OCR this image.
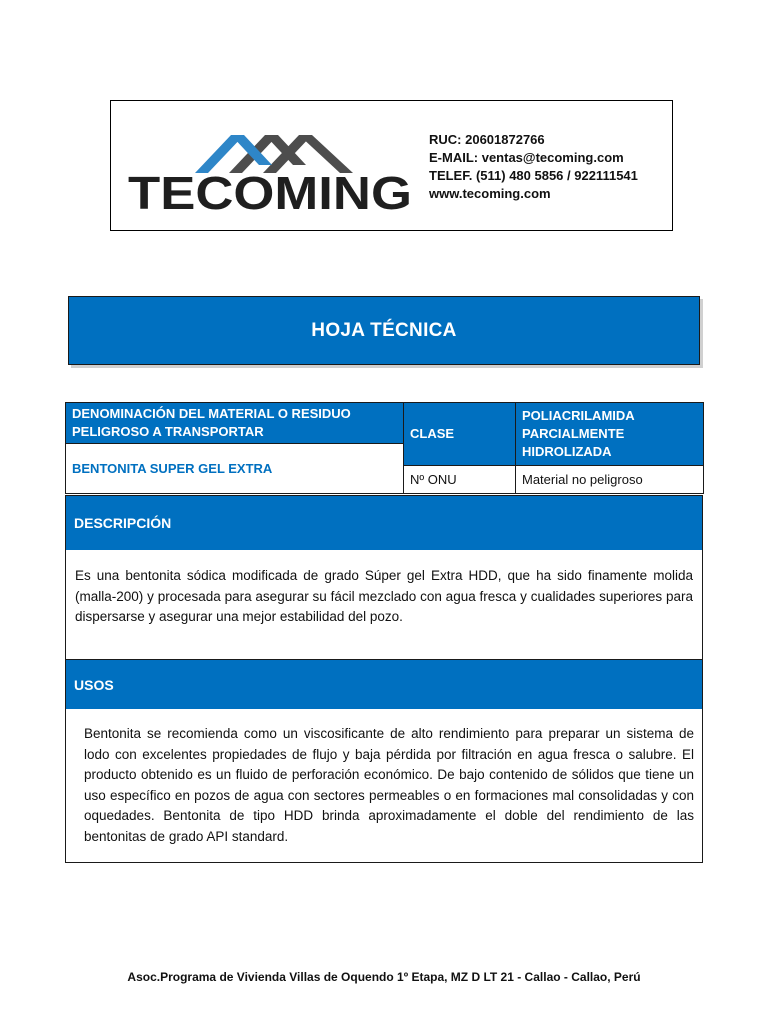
TECOMING
RUC: 20601872766
E-MAIL: ventas@tecoming.com
TELEF. (511) 480 5856 / 922111541
www.tecoming.com
HOJA TÉCNICA
DENOMINACIÓN DEL MATERIAL O RESIDUO PELIGROSO A TRANSPORTAR	CLASE	POLIACRILAMIDA PARCIALMENTE HIDROLIZADA
BENTONITA SUPER GEL EXTRA		
	Nº ONU	Material no peligroso
DESCRIPCIÓN
Es una bentonita sódica modificada de grado Súper gel Extra HDD, que ha sido finamente molida (malla-200) y procesada para asegurar su fácil mezclado con agua fresca y cualidades superiores para dispersarse y asegurar una mejor estabilidad del pozo.
USOS
Bentonita se recomienda como un viscosificante de alto rendimiento para preparar un sistema de lodo con excelentes propiedades de flujo y baja pérdida por filtración en agua fresca o salubre. El producto obtenido es un fluido de perforación económico. De bajo contenido de sólidos que tiene un uso específico en pozos de agua con sectores permeables o en formaciones mal consolidadas y con oquedades. Bentonita de tipo HDD brinda aproximadamente el doble del rendimiento de las bentonitas de grado API standard.
Asoc.Programa de Vivienda Villas de Oquendo 1º Etapa, MZ D LT 21 - Callao - Callao, Perú
